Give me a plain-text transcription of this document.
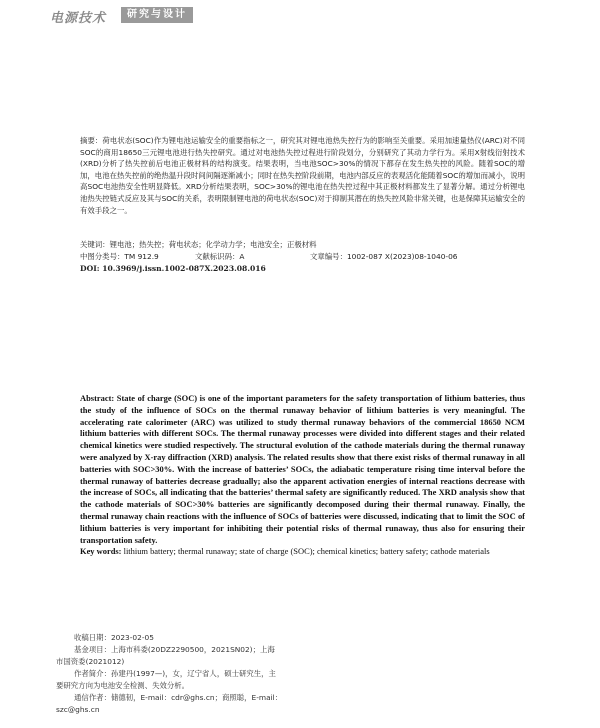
电源技术	研究与设计

摘要：荷电状态(SOC)作为锂电池运输安全的重要指标之一，研究其对锂电池热失控行为的影响至关重要。采用加速量热仪(ARC)对不同SOC的商用18650三元锂电池进行热失控研究。通过对电池热失控过程进行阶段划分，分别研究了其动力学行为。采用X射线衍射技术(XRD)分析了热失控前后电池正极材料的结构演变。结果表明，当电池SOC>30%的情况下都存在发生热失控的风险。随着SOC的增加，电池在热失控前的绝热温升段时间间隔逐渐减小；同时在热失控阶段前期，电池内部反应的表观活化能随着SOC的增加而减小，说明高SOC电池热安全性明显降低。XRD分析结果表明，SOC>30%的锂电池在热失控过程中其正极材料都发生了显著分解。通过分析锂电池热失控链式反应及其与SOC的关系，表明限制锂电池的荷电状态(SOC)对于抑制其潜在的热失控风险非常关键，也是保障其运输安全的有效手段之一。

关键词：锂电池；热失控；荷电状态；化学动力学；电池安全；正极材料
中图分类号：TM 912.9	文献标识码：A	文章编号：1002-087 X(2023)08-1040-06
DOI: 10.3969/j.issn.1002-087X.2023.08.016

Abstract: State of charge (SOC) is one of the important parameters for the safety transportation of lithium batteries, thus the study of the influence of SOCs on the thermal runaway behavior of lithium batteries is very meaningful. The accelerating rate calorimeter (ARC) was utilized to study thermal runaway behaviors of the commercial 18650 NCM lithium batteries with different SOCs. The thermal runaway processes were divided into different stages and their related chemical kinetics were studied respectively. The structural evolution of the cathode materials during the thermal runaway were analyzed by X-ray diffraction (XRD) analysis. The related results show that there exist risks of thermal runaway in all batteries with SOC>30%. With the increase of batteries’ SOCs, the adiabatic temperature rising time interval before the thermal runaway of batteries decrease gradually; also the apparent activation energies of internal reactions decrease with the increase of SOCs, all indicating that the batteries’ thermal safety are significantly reduced. The XRD analysis show that the cathode materials of SOC>30% batteries are significantly decomposed during their thermal runaway. Finally, the thermal runaway chain reactions with the influence of SOCs of batteries were discussed, indicating that to limit the SOC of lithium batteries is very important for inhibiting their potential risks of thermal runaway, thus also for ensuring their transportation safety.

Key words: lithium battery; thermal runaway; state of charge (SOC); chemical kinetics; battery safety; cathode materials

收稿日期：2023-02-05

基金项目：上海市科委(20DZ2290500，2021SN02)；上海

市国资委(2021012)

作者简介：孙建丹(1997—)，女，辽宁省人，硕士研究生，主

要研究方向为电池安全检测、失效分析。

通信作者：储德韧，E-mail：cdr@ghs.cn；商照聪，E-mail：

szc@ghs.cn
